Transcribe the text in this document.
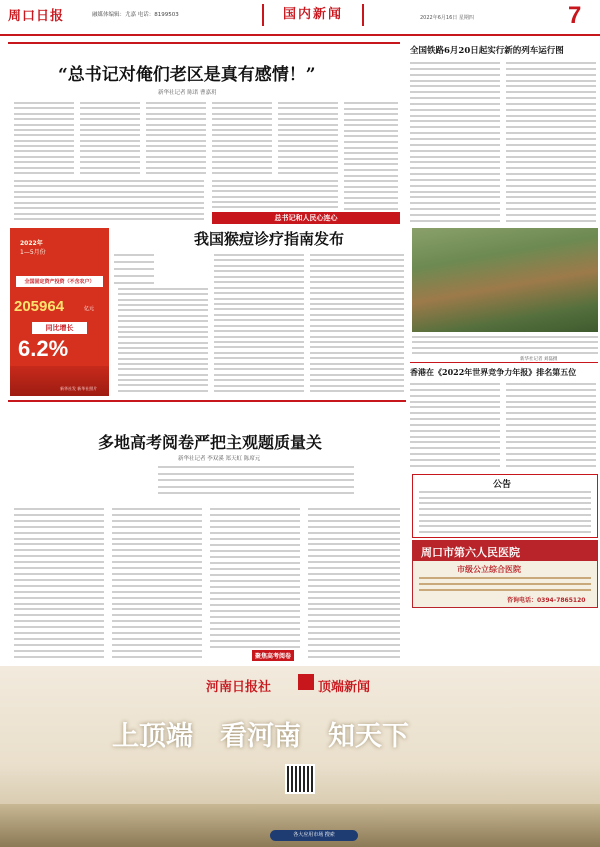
周口日报	融媒体编辑：尤嘉 电话：8199503	国内新闻	2022年6月16日 星期四	7
“总书记对俺们老区是真有感情！”
新华社记者 陈诺 曹嘉玥
总书记和人民心连心
2022年
1—5月份
全国固定资产投资（不含农户）
205964	亿元
同比增长
6.2%
新华社发 新华社照片
我国猴痘诊疗指南发布
多地高考阅卷严把主观题质量关
新华社记者 李双溪 郑天虹 陈席元
聚焦高考阅卷
全国铁路6月20日起实行新的列车运行图
新华社记者 刘磊摄
香港在《2022年世界竞争力年报》排名第五位
公告
周口市第六人民医院
市级公立综合医院
咨询电话：0394-7865120
河南日报社	顶端新闻
上顶端　看河南　知天下
各大应用市场 搜索
